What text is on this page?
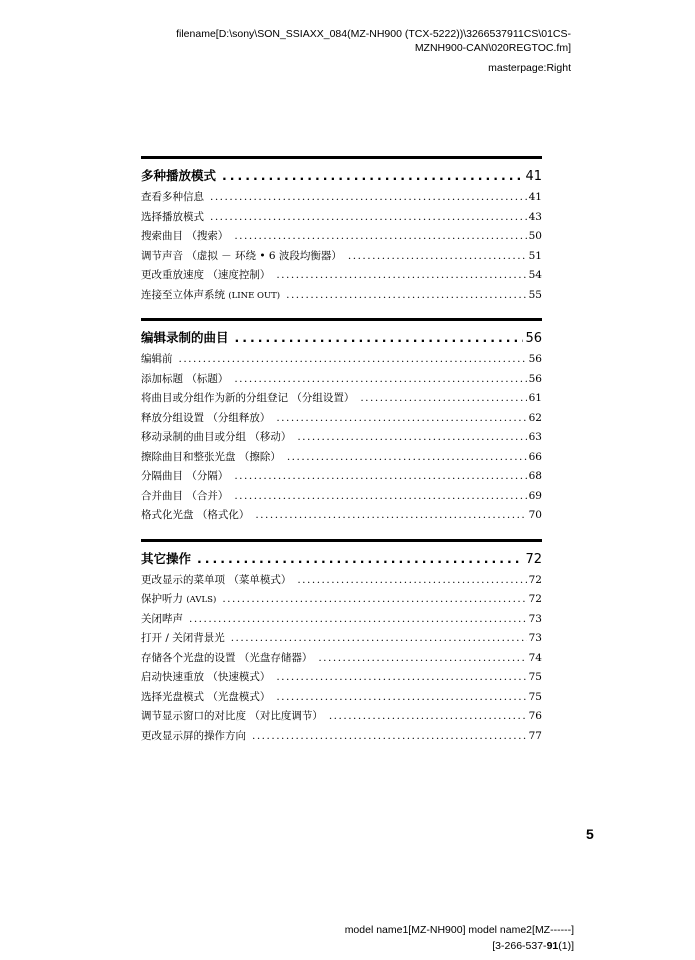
filename[D:\sony\SON_SSIAXX_084(MZ-NH900 (TCX-5222))\3266537911CS\01CS-
MZNH900-CAN\020REGTOC.fm]
masterpage:Right
多种播放模式 .....	41
查看多种信息 .....	41
选择播放模式 .....	43
搜索曲目 （搜索） .....	50
调节声音 （虚拟 － 环绕 • 6 波段均衡器） .....	51
更改重放速度 （速度控制） .....	54
连接至立体声系统 (LINE OUT) .....	55
编辑录制的曲目 .....	56
编辑前 .....	56
添加标题 （标题） .....	56
将曲目或分组作为新的分组登记 （分组设置） .....	61
释放分组设置 （分组释放） .....	62
移动录制的曲目或分组 （移动） .....	63
擦除曲目和整张光盘 （擦除） .....	66
分隔曲目 （分隔） .....	68
合并曲目 （合并） .....	69
格式化光盘 （格式化） .....	70
其它操作 .....	72
更改显示的菜单项 （菜单模式） .....	72
保护听力 (AVLS) .....	72
关闭哔声 .....	73
打开 / 关闭背景光 .....	73
存储各个光盘的设置 （光盘存储器） .....	74
启动快速重放 （快速模式） .....	75
选择光盘模式 （光盘模式） .....	75
调节显示窗口的对比度 （对比度调节） .....	76
更改显示屏的操作方向 .....	77
5
model name1[MZ-NH900] model name2[MZ------]
[3-266-537-91(1)]
